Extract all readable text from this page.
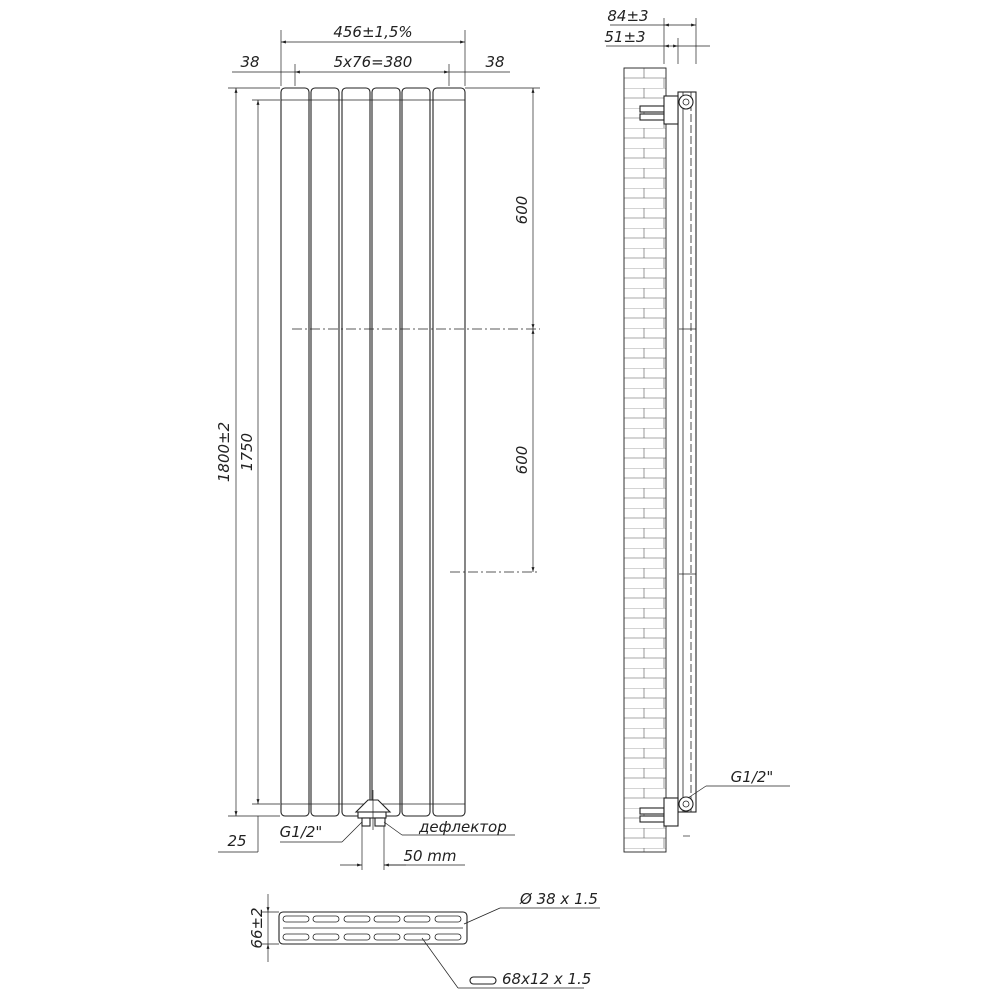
456±1,5%
38	5x76=380	38
1800±2 1750
25
600
600
G1/2"	дефлектор
50 mm
84±3
51±3
G1/2"
66±2
Ø 38 x 1.5
68x12 x 1.5
